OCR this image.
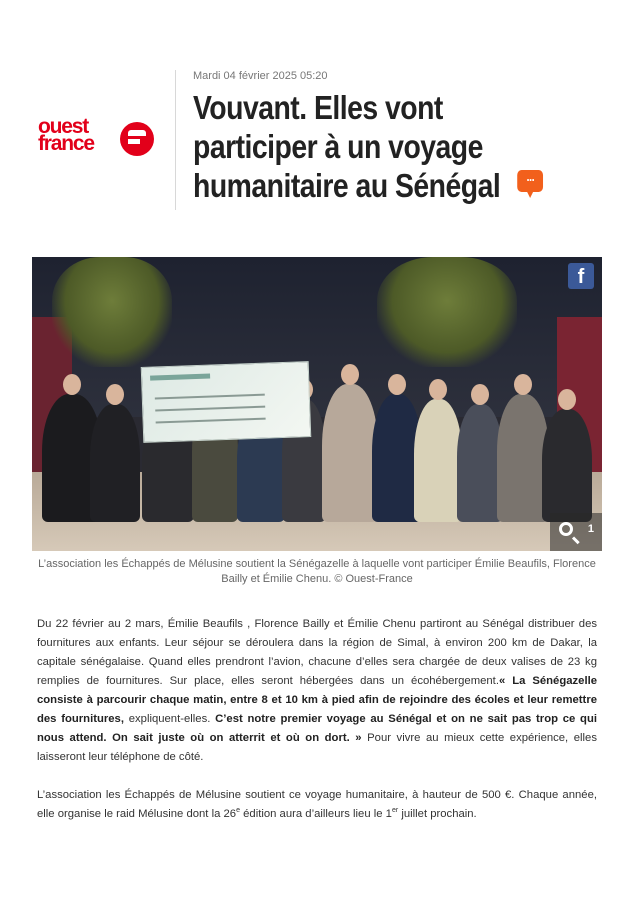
ouest
france
Mardi 04 février 2025 05:20
Vouvant. Elles vont participer à un voyage humanitaire au Sénégal ...
f
1
L’association les Échappés de Mélusine soutient la Sénégazelle à laquelle vont participer Émilie Beaufils, Florence Bailly et Émilie Chenu. © Ouest-France

Du 22 février au 2 mars, Émilie Beaufils , Florence Bailly et Émilie Chenu partiront au Sénégal distribuer des fournitures aux enfants. Leur séjour se déroulera dans la région de Simal, à environ 200 km de Dakar, la capitale sénégalaise. Quand elles prendront l’avion, chacune d’elles sera chargée de deux valises de 23 kg remplies de fournitures. Sur place, elles seront hébergées dans un écohébergement.« La Sénégazelle consiste à parcourir chaque matin, entre 8 et 10 km à pied afin de rejoindre des écoles et leur remettre des fournitures, expliquent-elles. C’est notre premier voyage au Sénégal et on ne sait pas trop ce qui nous attend. On sait juste où on atterrit et où on dort. » Pour vivre au mieux cette expérience, elles laisseront leur téléphone de côté.

L’association les Échappés de Mélusine soutient ce voyage humanitaire, à hauteur de 500 €. Chaque année, elle organise le raid Mélusine dont la 26e édition aura d’ailleurs lieu le 1er juillet prochain.
